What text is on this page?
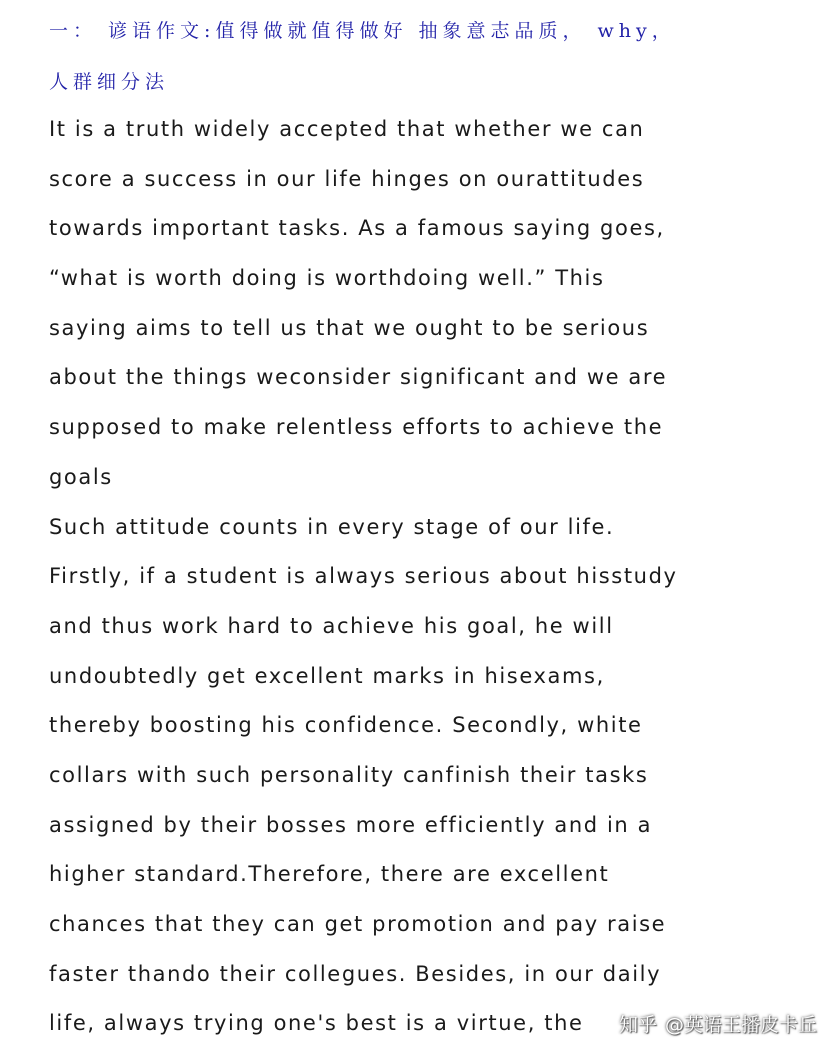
一： 谚语作文:值得做就值得做好 抽象意志品质， why，
人群细分法
It is a truth widely accepted that whether we can
score a success in our life hinges on ourattitudes
towards important tasks. As a famous saying goes,
“what is worth doing is worthdoing well.” This
saying aims to tell us that we ought to be serious
about the things weconsider significant and we are
supposed to make relentless efforts to achieve the
goals
Such attitude counts in every stage of our life.
Firstly, if a student is always serious about hisstudy
and thus work hard to achieve his goal, he will
undoubtedly get excellent marks in hisexams,
thereby boosting his confidence. Secondly, white
collars with such personality canfinish their tasks
assigned by their bosses more efficiently and in a
higher standard.Therefore, there are excellent
chances that they can get promotion and pay raise
faster thando their collegues. Besides, in our daily
life, always trying one's best is a virtue, the	知乎 @英语王播皮卡丘
